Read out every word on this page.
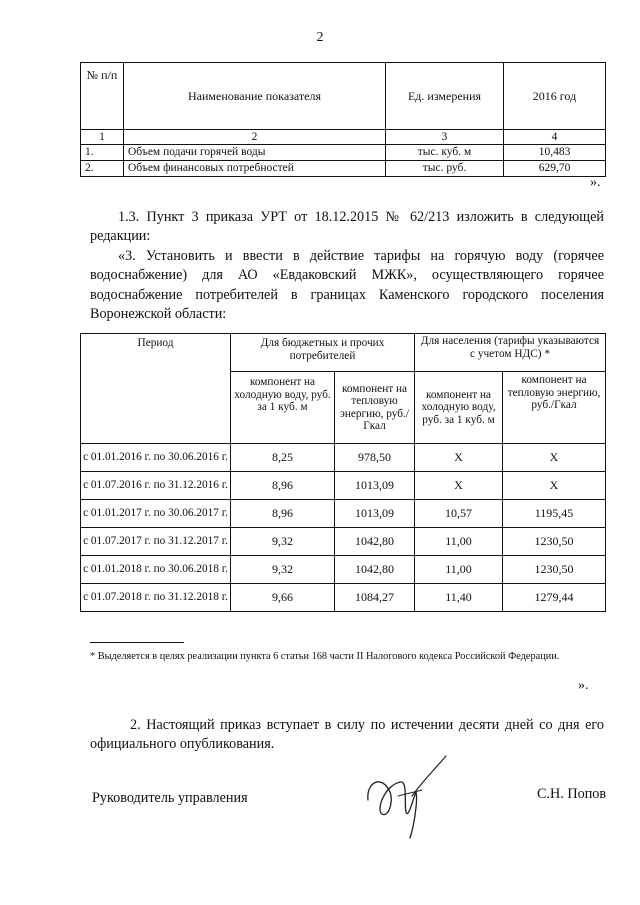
2
№ п/п	Наименование показателя	Ед. измерения	2016 год
1	2	3	4
1.	Объем подачи горячей воды	тыс. куб. м	10,483
2.	Объем финансовых потребностей	тыс. руб.	629,70
».
1.3. Пункт 3 приказа УРТ от 18.12.2015 № 62/213 изложить в следующей редакции:
«3. Установить и ввести в действие тарифы на горячую воду (горячее водоснабжение) для АО «Евдаковский МЖК», осуществляющего горячее водоснабжение потребителей в границах Каменского городского поселения Воронежской области:
Период	Для бюджетных и прочих потребителей		Для населения (тарифы указываются с учетом НДС) *	
	компонент на холодную воду, руб. за 1 куб. м	компонент на тепловую энергию, руб./Гкал	компонент на холодную воду, руб. за 1 куб. м	компонент на тепловую энергию, руб./Гкал
с 01.01.2016 г. по 30.06.2016 г.	8,25	978,50	Х	Х
с 01.07.2016 г. по 31.12.2016 г.	8,96	1013,09	Х	Х
с 01.01.2017 г. по 30.06.2017 г.	8,96	1013,09	10,57	1195,45
с 01.07.2017 г. по 31.12.2017 г.	9,32	1042,80	11,00	1230,50
с 01.01.2018 г. по 30.06.2018 г.	9,32	1042,80	11,00	1230,50
с 01.07.2018 г. по 31.12.2018 г.	9,66	1084,27	11,40	1279,44
* Выделяется в целях реализации пункта 6 статьи 168 части II Налогового кодекса Российской Федерации.
».
2. Настоящий приказ вступает в силу по истечении десяти дней со дня его официального опубликования.
Руководитель управления	С.Н. Попов
